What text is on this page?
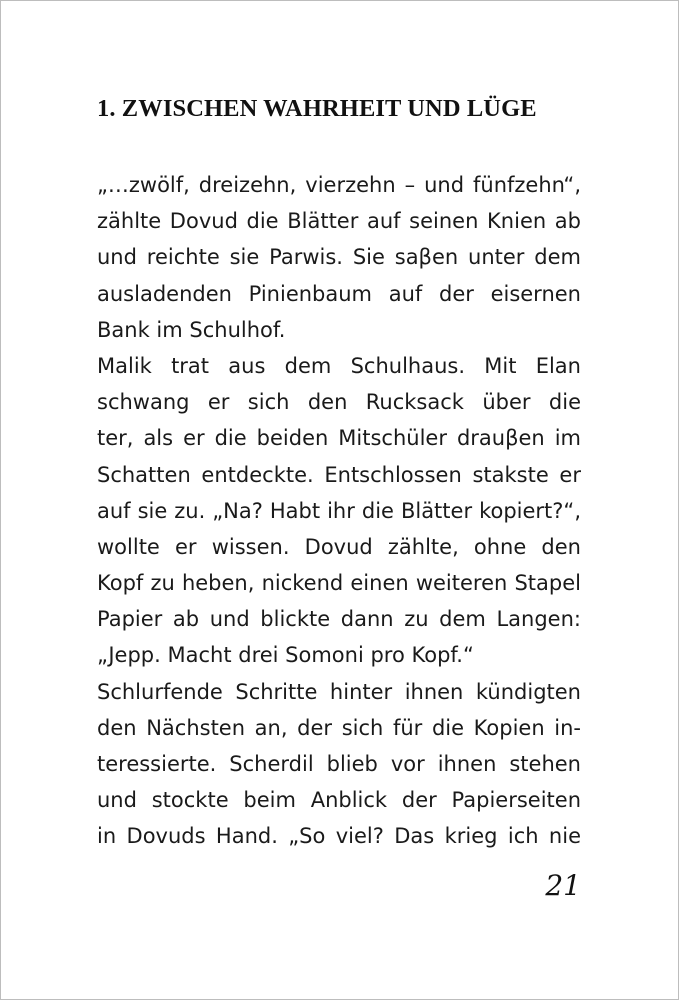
1. ZWISCHEN WAHRHEIT UND LÜGE
„…zwölf, dreizehn, vierzehn – und fünfzehn“,
zählte Dovud die Blätter auf seinen Knien ab
und reichte sie Parwis. Sie saβen unter dem
ausladenden Pinienbaum auf der eisernen
Bank im Schulhof.
Malik trat aus dem Schulhaus. Mit Elan
schwang er sich den Rucksack über die
ter, als er die beiden Mitschüler drauβen im
Schatten entdeckte. Entschlossen stakste er
auf sie zu. „Na? Habt ihr die Blätter kopiert?“,
wollte er wissen. Dovud zählte, ohne den
Kopf zu heben, nickend einen weiteren Stapel
Papier ab und blickte dann zu dem Langen:
„Jepp. Macht drei Somoni pro Kopf.“
Schlurfende Schritte hinter ihnen kündigten
den Nächsten an, der sich für die Kopien in-
teressierte. Scherdil blieb vor ihnen stehen
und stockte beim Anblick der Papierseiten
in Dovuds Hand. „So viel? Das krieg ich nie
21
